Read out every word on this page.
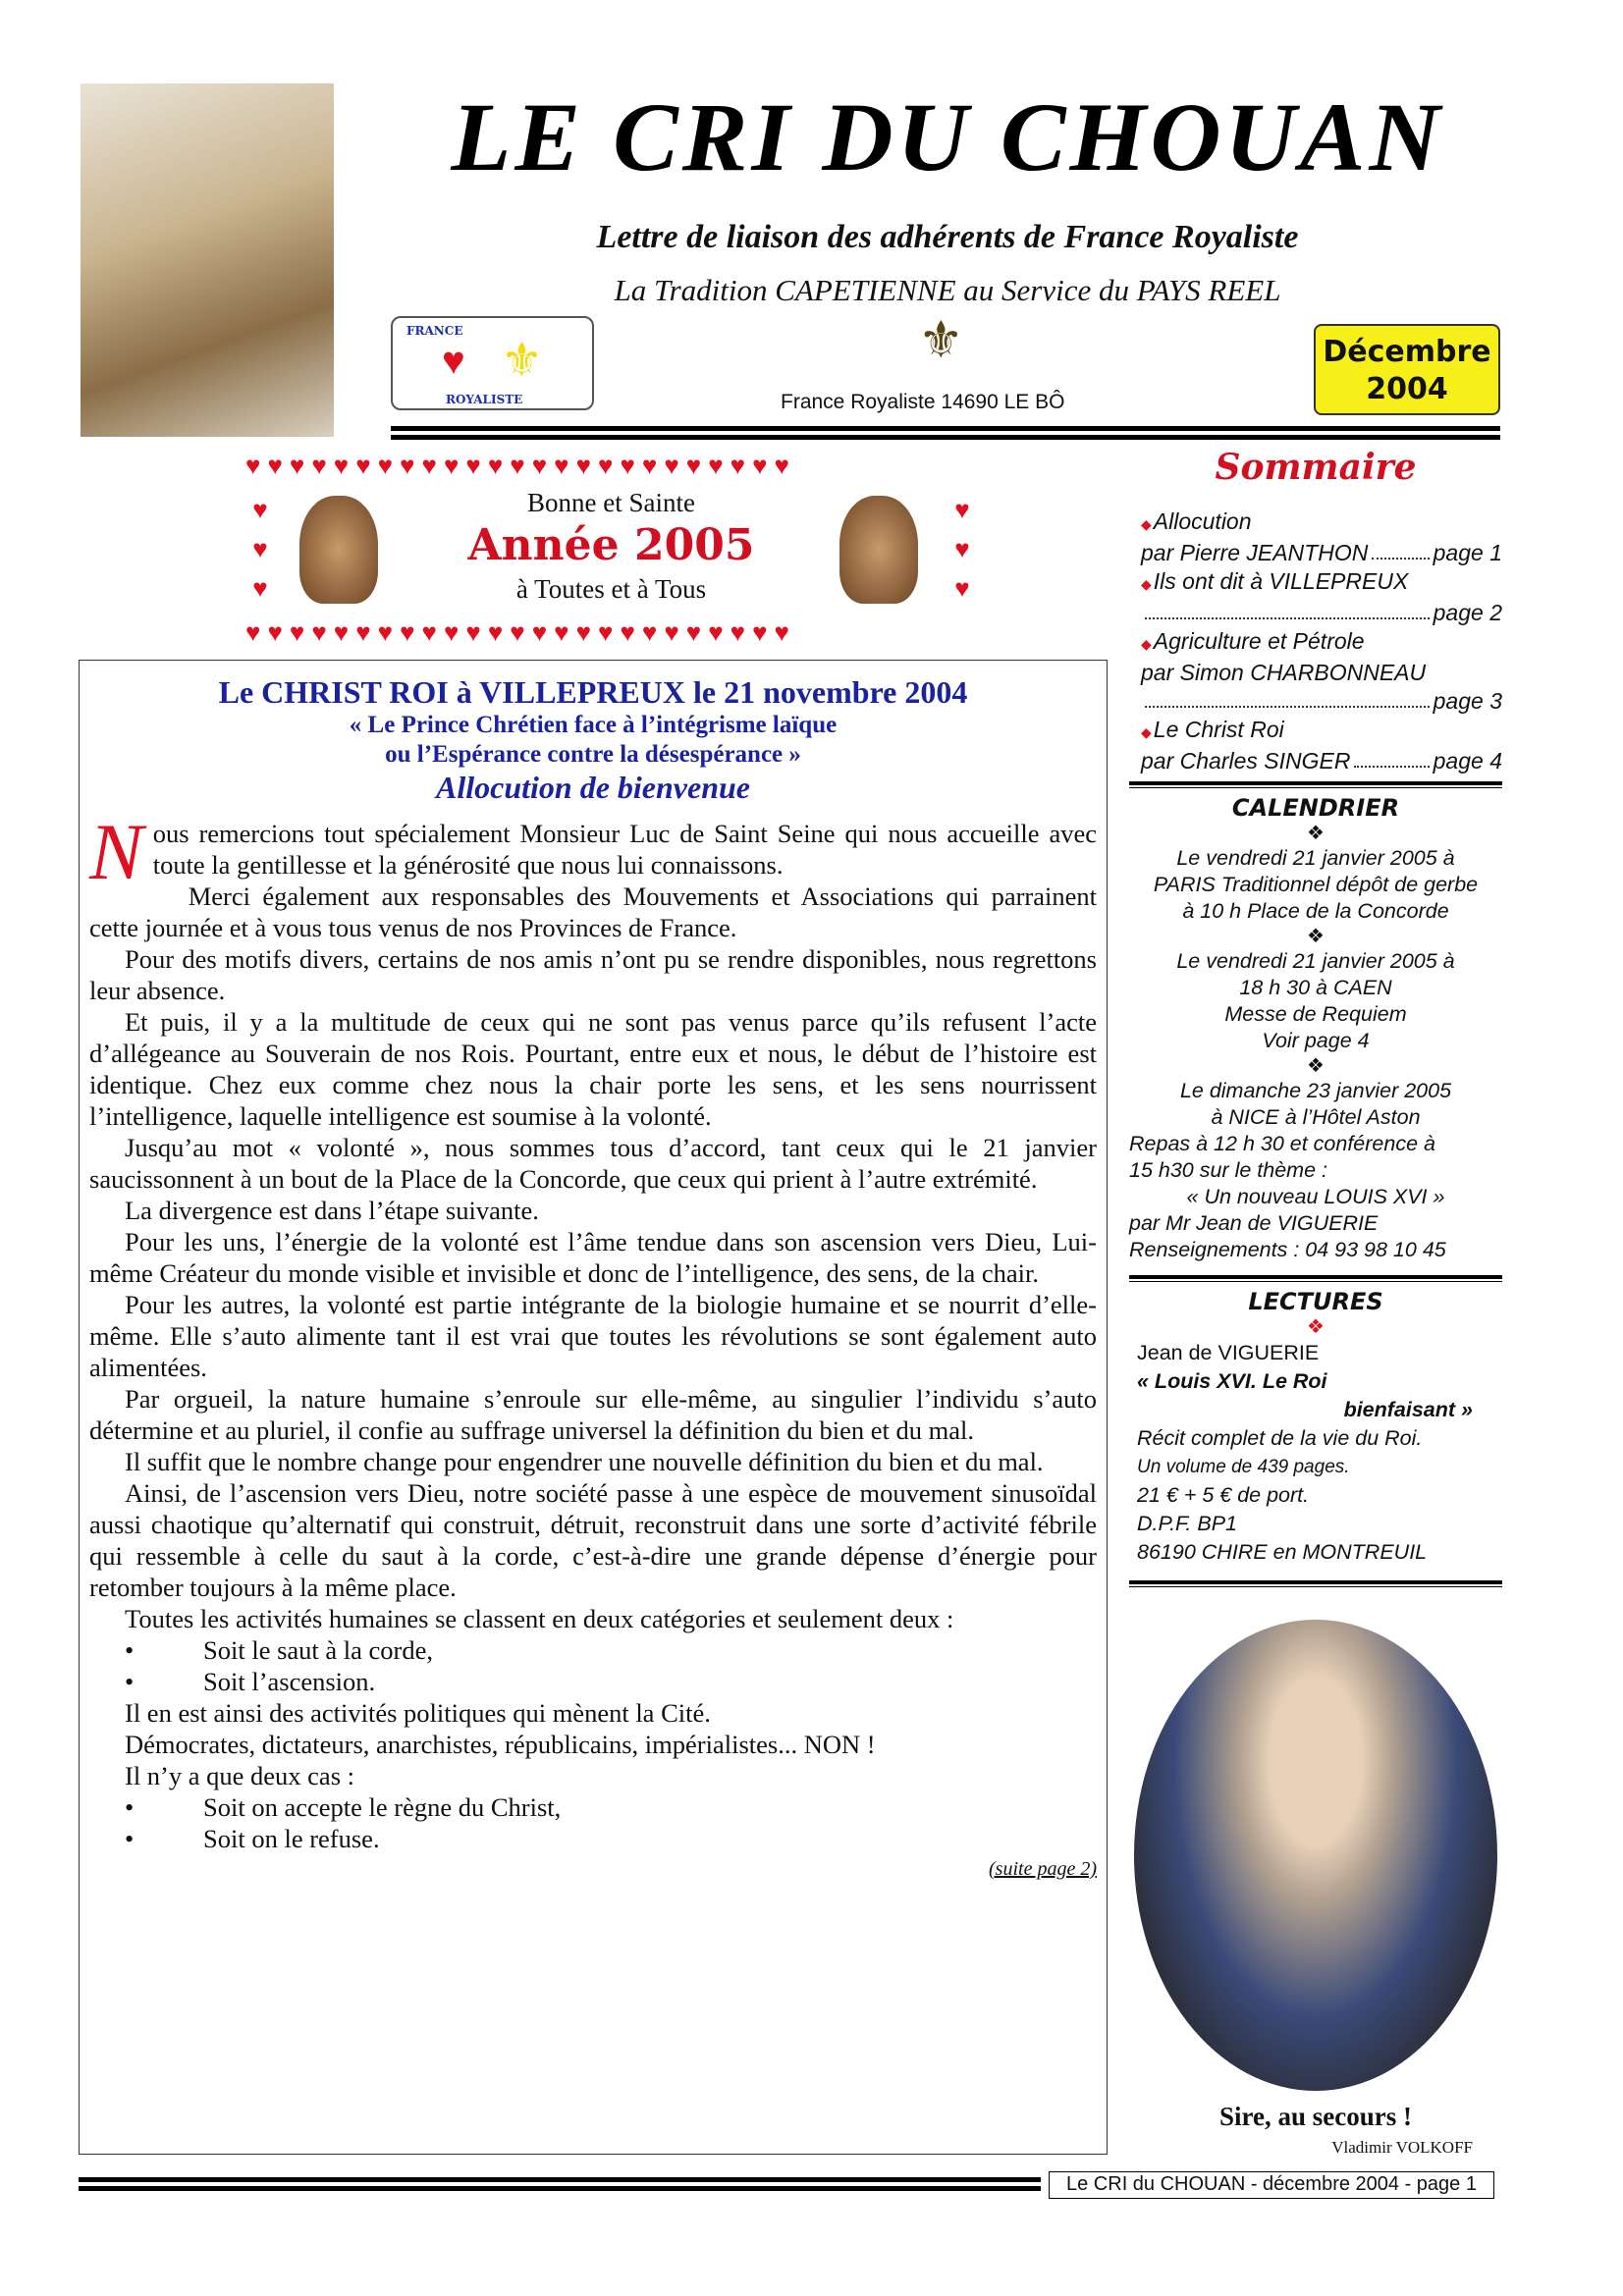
LE CRI DU CHOUAN
Lettre de liaison des adhérents de France Royaliste
La Tradition CAPETIENNE au Service du PAYS REEL
FRANCE
♥ ⚜
ROYALISTE
⚜
France Royaliste 14690 LE BÔ
Décembre
2004
♥♥♥♥♥♥♥♥♥♥♥♥♥♥♥♥♥♥♥♥♥♥♥♥♥
♥
♥
♥
♥
♥
♥
Bonne et Sainte
Année 2005
à Toutes et à Tous
♥♥♥♥♥♥♥♥♥♥♥♥♥♥♥♥♥♥♥♥♥♥♥♥♥
Le CHRIST ROI à VILLEPREUX le 21 novembre 2004
« Le Prince Chrétien face à l’intégrisme laïque
ou l’Espérance contre la désespérance »
Allocution de bienvenue

Nous remercions tout spécialement Monsieur Luc de Saint Seine qui nous accueille avec toute la gentillesse et la générosité que nous lui connaissons.

Merci également aux responsables des Mouvements et Associations qui parrainent cette journée et à vous tous venus de nos Provinces de France.

Pour des motifs divers, certains de nos amis n’ont pu se rendre disponibles, nous regrettons leur absence.

Et puis, il y a la multitude de ceux qui ne sont pas venus parce qu’ils refusent l’acte d’allégeance au Souverain de nos Rois. Pourtant, entre eux et nous, le début de l’histoire est identique. Chez eux comme chez nous la chair porte les sens, et les sens nourrissent l’intelligence, laquelle intelligence est soumise à la volonté.

Jusqu’au mot « volonté », nous sommes tous d’accord, tant ceux qui le 21 janvier saucissonnent à un bout de la Place de la Concorde, que ceux qui prient à l’autre extrémité.

La divergence est dans l’étape suivante.

Pour les uns, l’énergie de la volonté est l’âme tendue dans son ascension vers Dieu, Lui-même Créateur du monde visible et invisible et donc de l’intelligence, des sens, de la chair.

Pour les autres, la volonté est partie intégrante de la biologie humaine et se nourrit d’elle-même. Elle s’auto alimente tant il est vrai que toutes les révolutions se sont également auto alimentées.

Par orgueil, la nature humaine s’enroule sur elle-même, au singulier l’individu s’auto détermine et au pluriel, il confie au suffrage universel la définition du bien et du mal.

Il suffit que le nombre change pour engendrer une nouvelle définition du bien et du mal.

Ainsi, de l’ascension vers Dieu, notre société passe à une espèce de mouvement sinusoïdal aussi chaotique qu’alternatif qui construit, détruit, reconstruit dans une sorte d’activité fébrile qui ressemble à celle du saut à la corde, c’est-à-dire une grande dépense d’énergie pour retomber toujours à la même place.

Toutes les activités humaines se classent en deux catégories et seulement deux :

• Soit le saut à la corde,
• Soit l’ascension.

Il en est ainsi des activités politiques qui mènent la Cité.

Démocrates, dictateurs, anarchistes, républicains, impérialistes... NON !

Il n’y a que deux cas :

• Soit on accepte le règne du Christ,
• Soit on le refuse.
(suite page 2)
Sommaire
◆Allocution
par Pierre JEANTHON	page 1
◆Ils ont dit à VILLEPREUX
page 2
◆Agriculture et Pétrole
par Simon CHARBONNEAU
page 3
◆Le Christ Roi
par Charles SINGER	page 4
CALENDRIER
❖
Le vendredi 21 janvier 2005 à
PARIS Traditionnel dépôt de gerbe
à 10 h Place de la Concorde
❖
Le vendredi 21 janvier 2005 à
18 h 30 à CAEN
Messe de Requiem
Voir page 4
❖
Le dimanche 23 janvier 2005
à NICE à l’Hôtel Aston
Repas à 12 h 30 et conférence à
15 h30 sur le thème :
« Un nouveau LOUIS XVI »
par Mr Jean de VIGUERIE
Renseignements : 04 93 98 10 45
LECTURES
❖
Jean de VIGUERIE
« Louis XVI. Le Roi
bienfaisant »
Récit complet de la vie du Roi.
Un volume de 439 pages.
21 € + 5 € de port.
D.P.F. BP1
86190 CHIRE en MONTREUIL
Sire, au secours !
Vladimir VOLKOFF
Le CRI du CHOUAN - décembre 2004 - page 1
